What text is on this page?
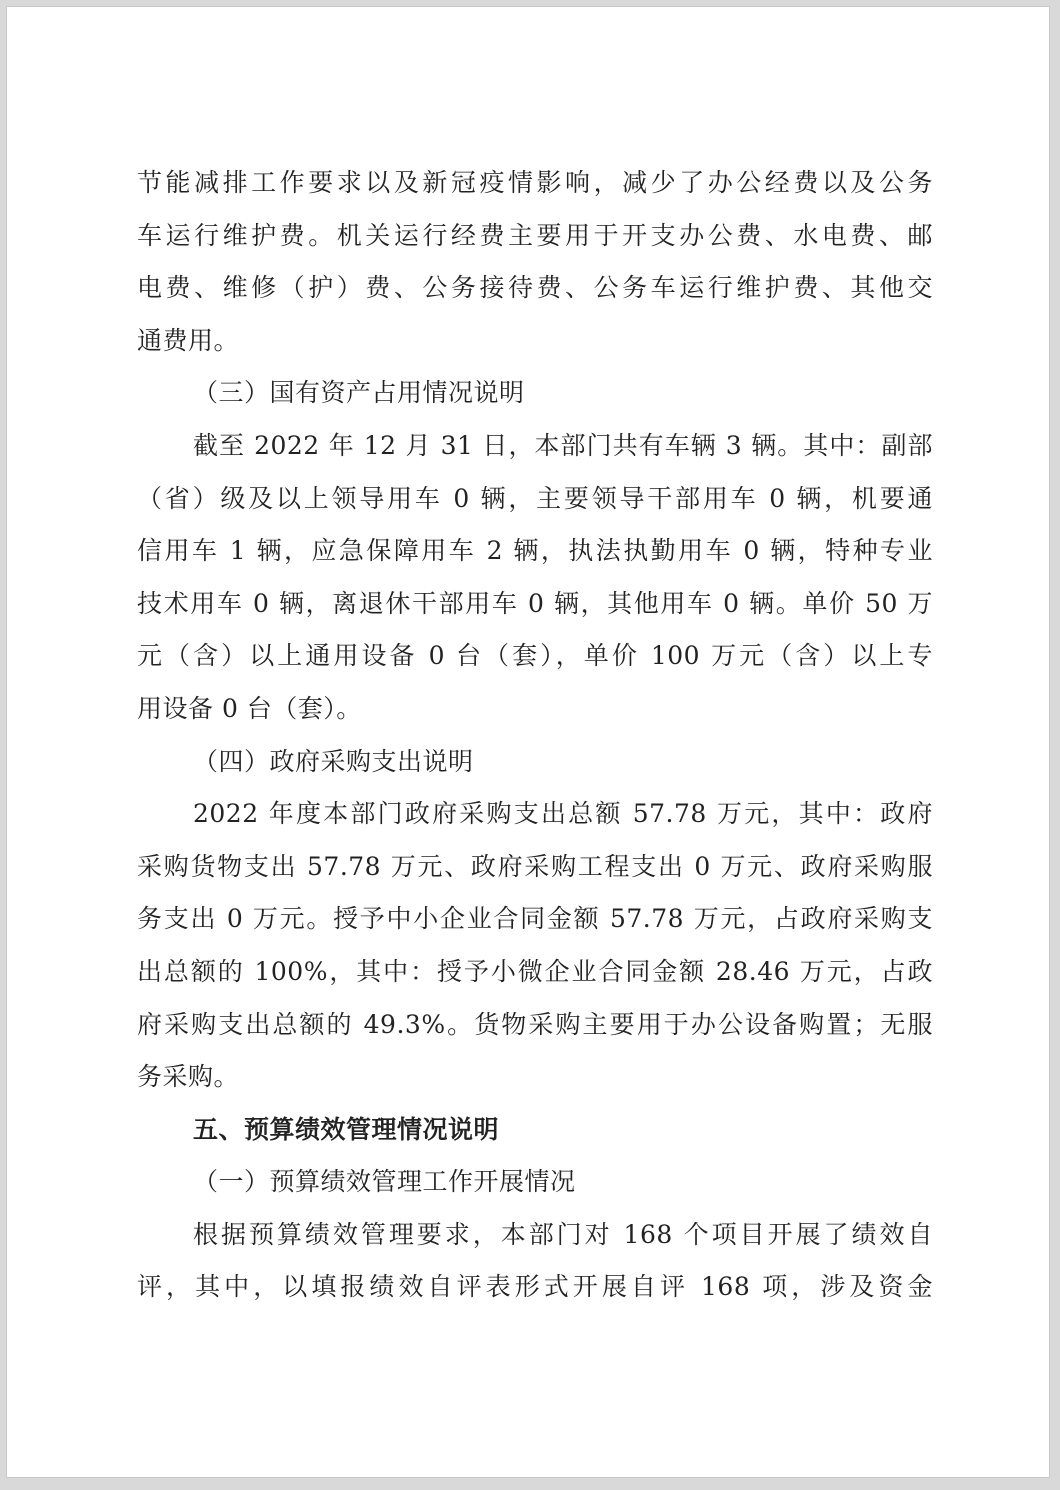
节能减排工作要求以及新冠疫情影响，减少了办公经费以及公务
车运行维护费。机关运行经费主要用于开支办公费、水电费、邮
电费、维修（护）费、公务接待费、公务车运行维护费、其他交
通费用。
（三）国有资产占用情况说明
截至 2022 年 12 月 31 日，本部门共有车辆 3 辆。其中：副部
（省）级及以上领导用车 0 辆，主要领导干部用车 0 辆，机要通
信用车 1 辆，应急保障用车 2 辆，执法执勤用车 0 辆，特种专业
技术用车 0 辆，离退休干部用车 0 辆，其他用车 0 辆。单价 50 万
元（含）以上通用设备 0 台（套），单价 100 万元（含）以上专
用设备 0 台（套）。
（四）政府采购支出说明
2022 年度本部门政府采购支出总额 57.78 万元，其中：政府
采购货物支出 57.78 万元、政府采购工程支出 0 万元、政府采购服
务支出 0 万元。授予中小企业合同金额 57.78 万元，占政府采购支
出总额的 100%，其中：授予小微企业合同金额 28.46 万元，占政
府采购支出总额的 49.3%。货物采购主要用于办公设备购置；无服
务采购。
五、预算绩效管理情况说明
（一）预算绩效管理工作开展情况
根据预算绩效管理要求，本部门对 168 个项目开展了绩效自
评，其中，以填报绩效自评表形式开展自评 168 项，涉及资金
